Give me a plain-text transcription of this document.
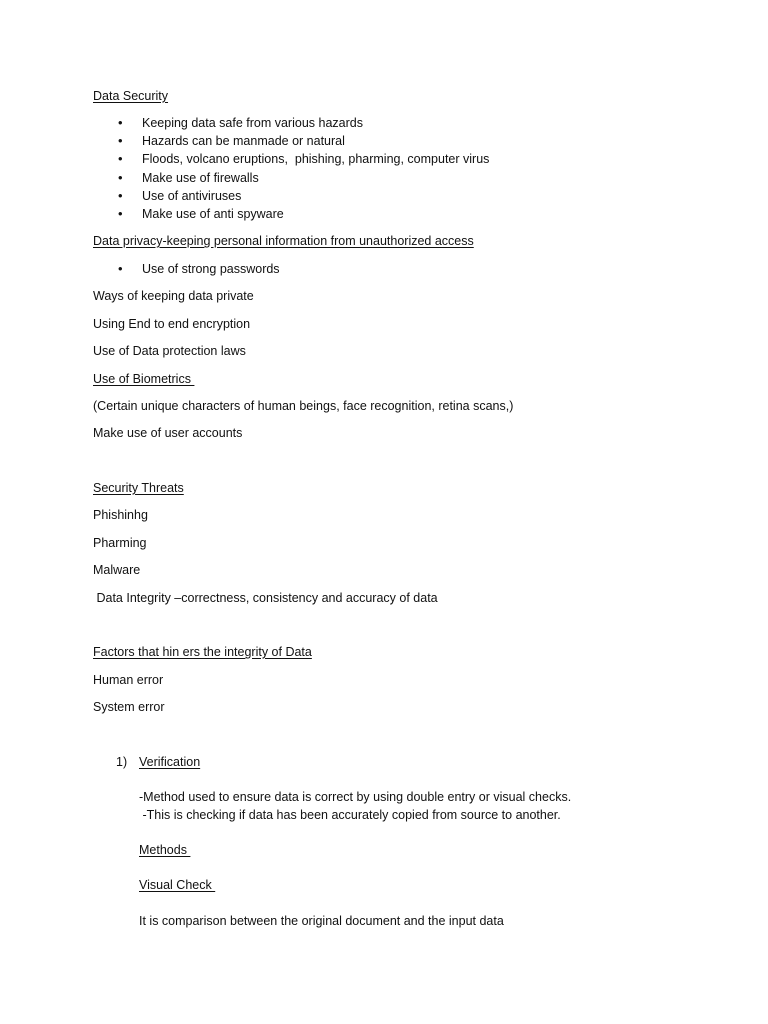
Data Security
• Keeping data safe from various hazards
• Hazards can be manmade or natural
• Floods, volcano eruptions,  phishing, pharming, computer virus
• Make use of firewalls
• Use of antiviruses
• Make use of anti spyware
Data privacy-keeping personal information from unauthorized access
• Use of strong passwords
Ways of keeping data private
Using End to end encryption
Use of Data protection laws
Use of Biometrics
(Certain unique characters of human beings, face recognition, retina scans,)
Make use of user accounts
Security Threats
Phishinhg
Pharming
Malware
Data Integrity –correctness, consistency and accuracy of data
Factors that hin ers the integrity of Data
Human error
System error
1) Verification
-Method used to ensure data is correct by using double entry or visual checks.
-This is checking if data has been accurately copied from source to another.
Methods
Visual Check
It is comparison between the original document and the input data
